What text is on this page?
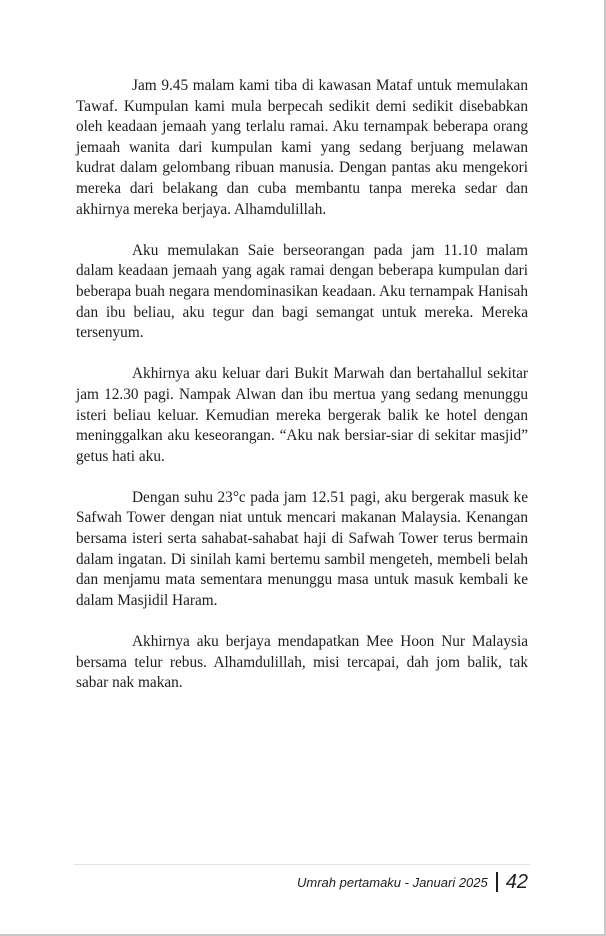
Jam 9.45 malam kami tiba di kawasan Mataf untuk memulakan Tawaf. Kumpulan kami mula berpecah sedikit demi sedikit disebabkan oleh keadaan jemaah yang terlalu ramai. Aku ternampak beberapa orang jemaah wanita dari kumpulan kami yang sedang berjuang melawan kudrat dalam gelombang ribuan manusia. Dengan pantas aku mengekori mereka dari belakang dan cuba membantu tanpa mereka sedar dan akhirnya mereka berjaya. Alhamdulillah.

Aku memulakan Saie berseorangan pada jam 11.10 malam dalam keadaan jemaah yang agak ramai dengan beberapa kumpulan dari beberapa buah negara mendominasikan keadaan. Aku ternampak Hanisah dan ibu beliau, aku tegur dan bagi semangat untuk mereka. Mereka tersenyum.

Akhirnya aku keluar dari Bukit Marwah dan bertahallul sekitar jam 12.30 pagi. Nampak Alwan dan ibu mertua yang sedang menunggu isteri beliau keluar. Kemudian mereka bergerak balik ke hotel dengan meninggalkan aku keseorangan. “Aku nak bersiar-siar di sekitar masjid” getus hati aku.

Dengan suhu 23°c pada jam 12.51 pagi, aku bergerak masuk ke Safwah Tower dengan niat untuk mencari makanan Malaysia. Kenangan bersama isteri serta sahabat-sahabat haji di Safwah Tower terus bermain dalam ingatan. Di sinilah kami bertemu sambil mengeteh, membeli belah dan menjamu mata sementara menunggu masa untuk masuk kembali ke dalam Masjidil Haram.

Akhirnya aku berjaya mendapatkan Mee Hoon Nur Malaysia bersama telur rebus. Alhamdulillah, misi tercapai, dah jom balik, tak sabar nak makan.

Umrah pertamaku - Januari 2025 42
